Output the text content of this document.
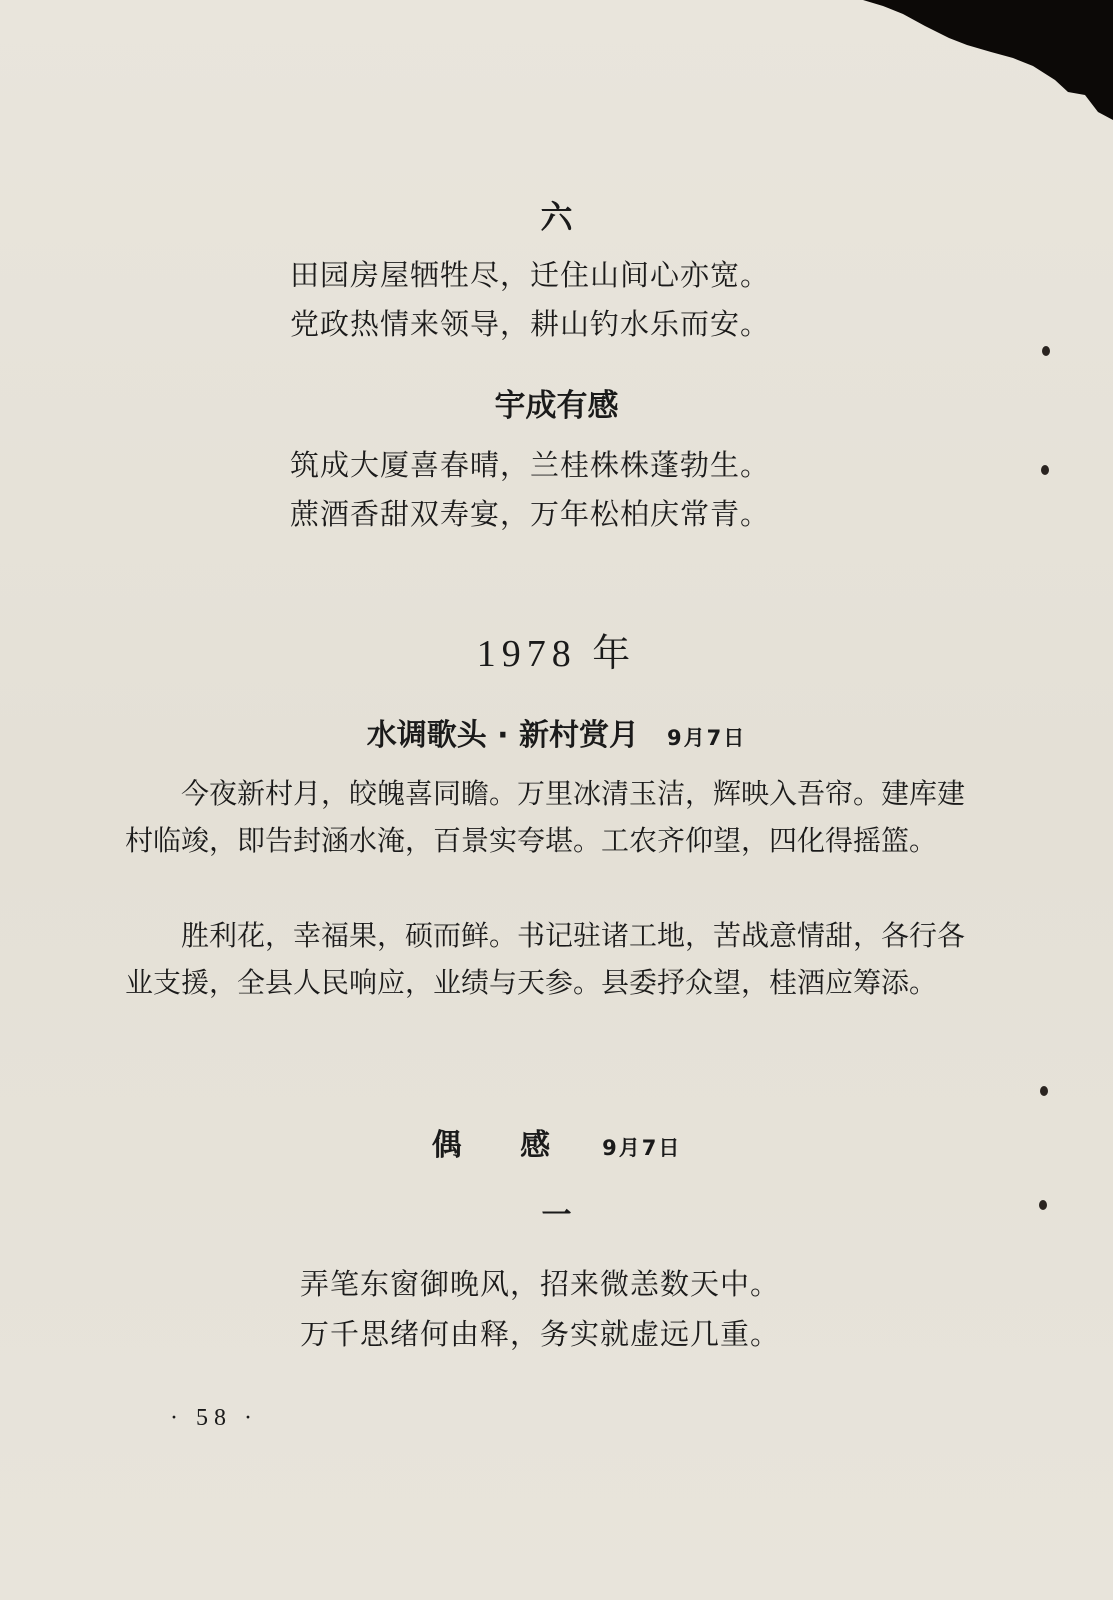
六
田园房屋牺牲尽，迁住山间心亦宽。
党政热情来领导，耕山钓水乐而安。
宇成有感
筑成大厦喜春晴，兰桂株株蓬勃生。
蔗酒香甜双寿宴，万年松柏庆常青。
1978 年
水调歌头 · 新村赏月 9月7日

今夜新村月，皎魄喜同瞻。万里冰清玉洁，辉映入吾帘。建库建村临竣，即告封涵水淹，百景实夸堪。工农齐仰望，四化得摇篮。

胜利花，幸福果，硕而鲜。书记驻诸工地，苦战意情甜，各行各业支援，全县人民响应，业绩与天参。县委抒众望，桂酒应筹添。

偶 感 9月7日
一
弄笔东窗御晚风，招来微恙数天中。
万千思绪何由释，务实就虚远几重。
· 58 ·
